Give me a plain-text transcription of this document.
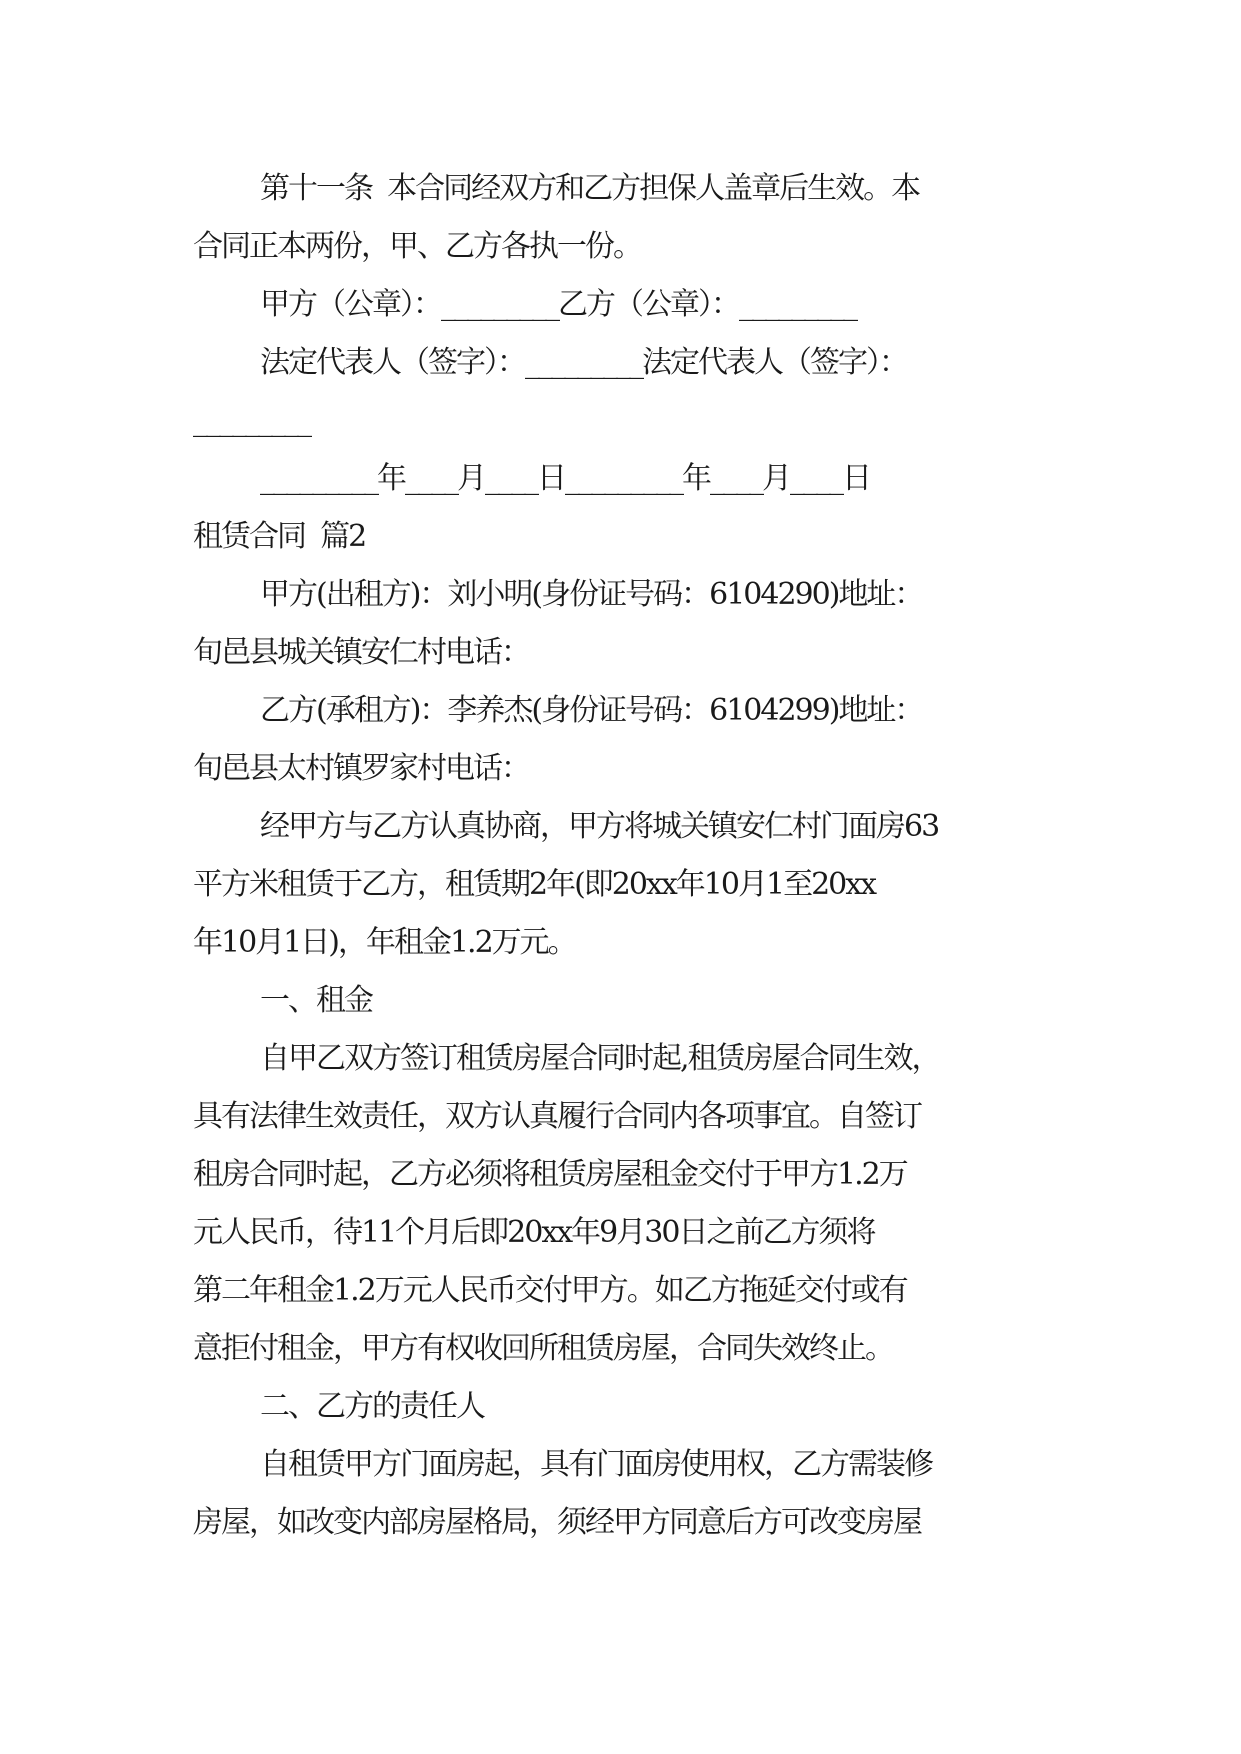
第十一条  本合同经双方和乙方担保人盖章后生效。本
合同正本两份，甲、乙方各执一份。
甲方（公章）：_________乙方（公章）：_________
法定代表人（签字）：_________法定代表人（签字）：
_________
_________年____月____日_________年____月____日
租赁合同  篇2
甲方(出租方)：刘小明(身份证号码：6104290)地址：
旬邑县城关镇安仁村电话：
乙方(承租方)：李养杰(身份证号码：6104299)地址：
旬邑县太村镇罗家村电话：
经甲方与乙方认真协商，甲方将城关镇安仁村门面房63
平方米租赁于乙方，租赁期2年(即20xx年10月1至20xx
年10月1日)，年租金1.2万元。
一、租金
自甲乙双方签订租赁房屋合同时起,租赁房屋合同生效，
具有法律生效责任，双方认真履行合同内各项事宜。自签订
租房合同时起，乙方必须将租赁房屋租金交付于甲方1.2万
元人民币，待11个月后即20xx年9月30日之前乙方须将
第二年租金1.2万元人民币交付甲方。如乙方拖延交付或有
意拒付租金，甲方有权收回所租赁房屋，合同失效终止。
二、乙方的责任人
自租赁甲方门面房起，具有门面房使用权，乙方需装修
房屋，如改变内部房屋格局，须经甲方同意后方可改变房屋
